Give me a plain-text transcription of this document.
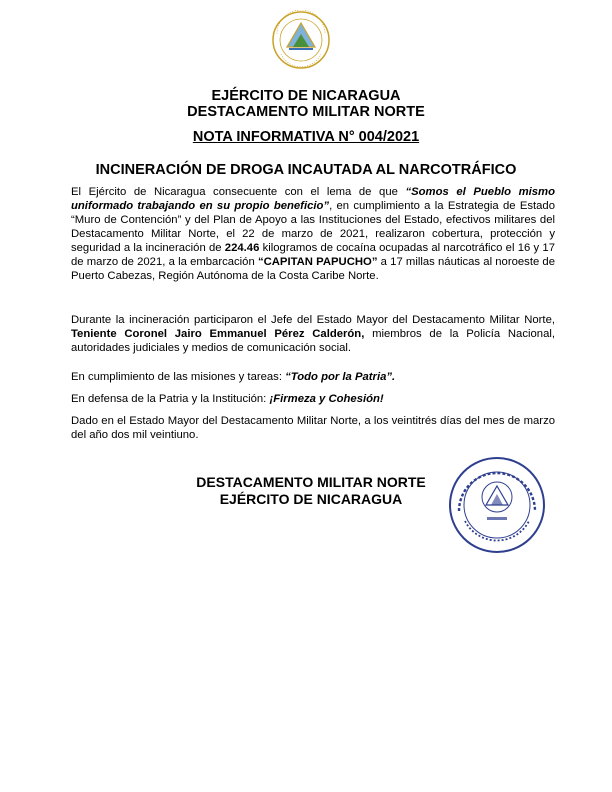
EJÉRCITO DE NICARAGUA
DESTACAMENTO MILITAR NORTE
NOTA INFORMATIVA N° 004/2021
INCINERACIÓN DE DROGA INCAUTADA AL NARCOTRÁFICO
El Ejército de Nicaragua consecuente con el lema de que “Somos el Pueblo mismo uniformado trabajando en su propio beneficio”, en cumplimiento a la Estrategia de Estado “Muro de Contención” y del Plan de Apoyo a las Instituciones del Estado, efectivos militares del Destacamento Militar Norte, el 22 de marzo de 2021, realizaron cobertura, protección y seguridad a la incineración de 224.46 kilogramos de cocaína ocupadas al narcotráfico el 16 y 17 de marzo de 2021, a la embarcación “CAPITAN PAPUCHO” a 17 millas náuticas al noroeste de Puerto Cabezas, Región Autónoma de la Costa Caribe Norte.
Durante la incineración participaron el Jefe del Estado Mayor del Destacamento Militar Norte, Teniente Coronel Jairo Emmanuel Pérez Calderón, miembros de la Policía Nacional, autoridades judiciales y medios de comunicación social.
En cumplimiento de las misiones y tareas: “Todo por la Patria”.
En defensa de la Patria y la Institución: ¡Firmeza y Cohesión!
Dado en el Estado Mayor del Destacamento Militar Norte, a los veintitrés días del mes de marzo del año dos mil veintiuno.
DESTACAMENTO MILITAR NORTE
EJÉRCITO DE NICARAGUA
